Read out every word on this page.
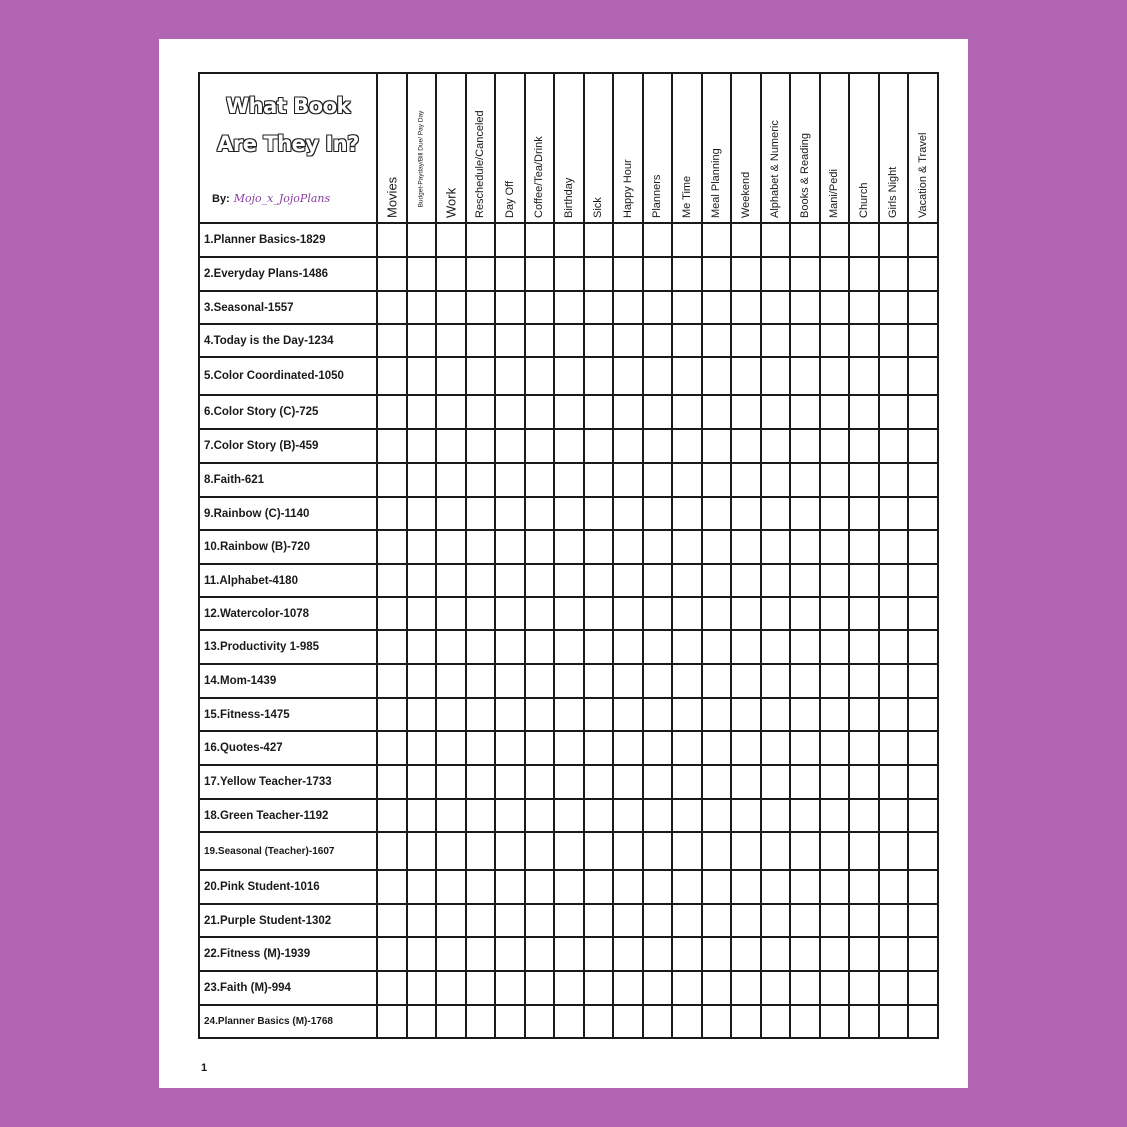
What Book
Are They In?
By: Mojo_x_JojoPlans	Movies	Budget-Payday/Bill Due/ Pay Day	Work	Reschedule/Canceled	Day Off	Coffee/Tea/Drink	Birthday	Sick	Happy Hour	Planners	Me Time	Meal Planning	Weekend	Alphabet & Numeric	Books & Reading	Mani/Pedi	Church	Girls Night	Vacation & Travel

1.Planner Basics-1829																			
2.Everyday Plans-1486																			
3.Seasonal-1557																			
4.Today is the Day-1234																			
5.Color Coordinated-1050																			
6.Color Story (C)-725																			
7.Color Story (B)-459																			
8.Faith-621																			
9.Rainbow (C)-1140																			
10.Rainbow (B)-720																			
11.Alphabet-4180																			
12.Watercolor-1078																			
13.Productivity 1-985																			
14.Mom-1439																			
15.Fitness-1475																			
16.Quotes-427																			
17.Yellow Teacher-1733																			
18.Green Teacher-1192																			
19.Seasonal (Teacher)-1607																			
20.Pink Student-1016																			
21.Purple Student-1302																			
22.Fitness (M)-1939																			
23.Faith (M)-994																			
24.Planner Basics (M)-1768																			
1
